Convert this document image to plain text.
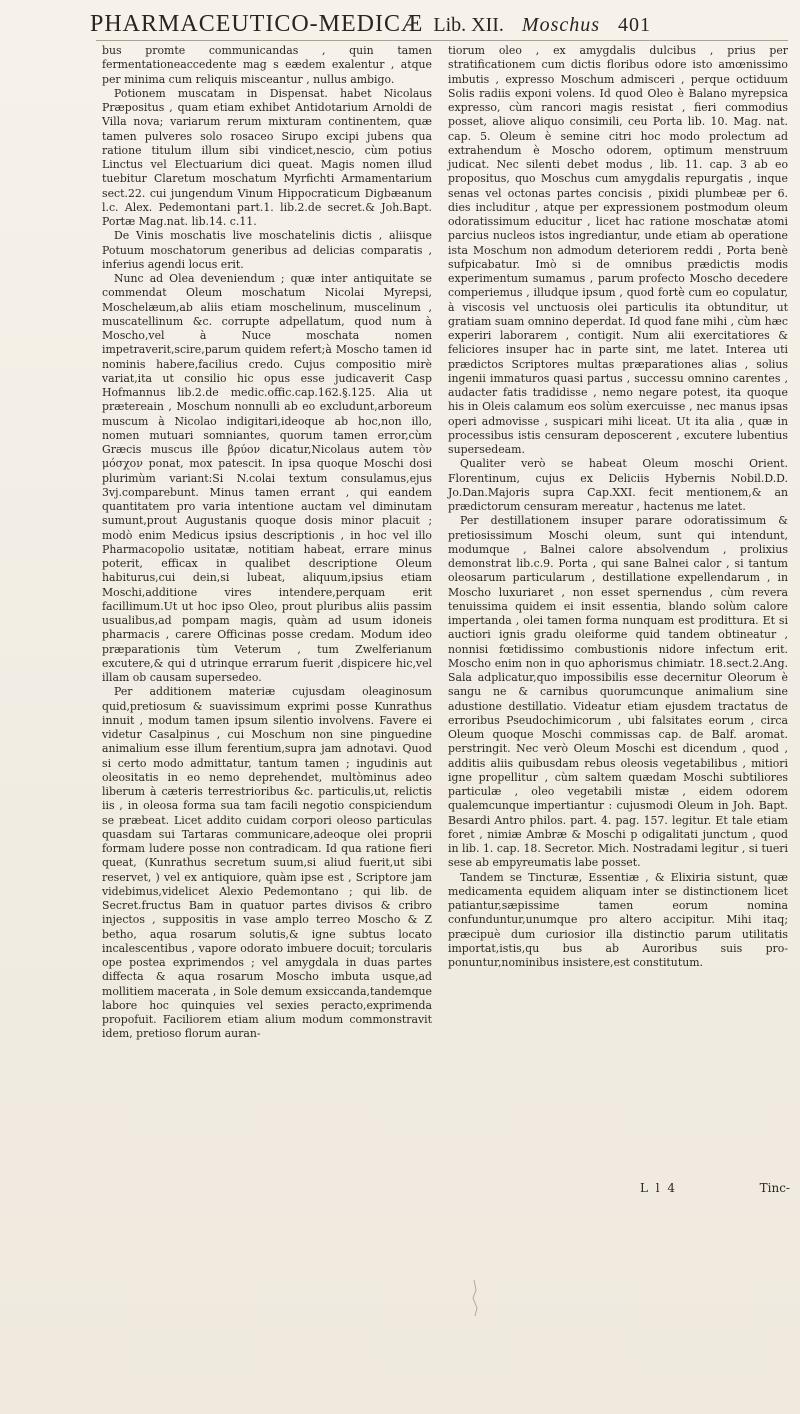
PHARMACEUTICO-MEDICÆ Lib. XII. Moschus 401

bus promte communicandas , quin tamen fermentationeaccedente mag s eædem exalentur , atque per minima cum reliquis misceantur , nullus ambigo.

Potionem muscatam in Dispensat. habet Nicolaus Præpositus , quam etiam exhibet Antidotarium Arnoldi de Villa nova; variarum rerum mixturam continentem, quæ tamen pulveres solo rosaceo Sirupo excipi jubens qua ratione titulum illum sibi vindicet,nescio, cùm potius Linctus vel Electuarium dici queat. Magis nomen illud tuebitur Claretum moschatum Myrfichti Armamentarium sect.22. cui jungendum Vinum Hippocraticum Digbæanum l.c. Alex. Pedemontani part.1. lib.2.de secret.& Joh.Bapt. Portæ Mag.nat. lib.14. c.11.

De Vinis moschatis live moschatelinis dictis , aliisque Potuum moschatorum generibus ad delicias comparatis , inferius agendi locus erit.

Nunc ad Olea deveniendum ; quæ inter antiquitate se commendat Oleum moschatum Nicolai Myrepsi, Moschelæum,ab aliis etiam moschelinum, muscelinum , muscatellinum &c. corrupte adpellatum, quod num à Moscho,vel à Nuce moschata nomen impetraverit,scire,parum quidem refert;à Moscho tamen id nominis habere,facilius credo. Cujus compositio mirè variat,ita ut consilio hic opus esse judicaverit Casp Hofmannus lib.2.de medic.offic.cap.162.§.125. Alia ut prætereain , Moschum nonnulli ab eo excludunt,arboreum muscum à Nicolao indigitari,ideoque ab hoc,non illo, nomen mutuari somniantes, quorum tamen error,cùm Græcis muscus ille βρύον dicatur,Nicolaus autem τὸν μόσχον ponat, mox patescit. In ipsa quoque Moschi dosi plurimùm variant:Si N.colai textum consulamus,ejus 3vj.comparebunt. Minus tamen errant , qui eandem quantitatem pro varia intentione auctam vel diminutam sumunt,prout Augustanis quoque dosis minor placuit ; modò enim Medicus ipsius descriptionis , in hoc vel illo Pharmacopolio usitatæ, notitiam habeat, errare minus poterit, efficax in qualibet descriptione Oleum habiturus,cui dein,si lubeat, aliquum,ipsius etiam Moschi,additione vires intendere,perquam erit facillimum.Ut ut hoc ipso Oleo, prout pluribus aliis passim usualibus,ad pompam magis, quàm ad usum idoneis pharmacis , carere Officinas posse credam. Modum ideo præparationis tùm Veterum , tum Zwelferianum excutere,& qui d utrinque errarum fuerit ,dispicere hic,vel illam ob causam supersedeo.

Per additionem materiæ cujusdam oleaginosum quid,pretiosum & suavissimum exprimi posse Kunrathus innuit , modum tamen ipsum silentio involvens. Favere ei videtur Casalpinus , cui Moschum non sine pinguedine animalium esse illum ferentium,supra jam adnotavi. Quod si certo modo admittatur, tantum tamen ; ingudinis aut oleositatis in eo nemo deprehendet, multòminus adeo liberum à cæteris terrestrioribus &c. particulis,ut, relictis iis , in oleosa forma sua tam facili negotio conspiciendum se præbeat. Licet addito cuidam corpori oleoso particulas quasdam sui Tartaras communicare,adeoque olei proprii formam ludere posse non contradicam. Id qua ratione fieri queat, (Kunrathus secretum suum,si aliud fuerit,ut sibi reservet, ) vel ex antiquiore, quàm ipse est , Scriptore jam videbimus,videlicet Alexio Pedemontano ; qui lib. de Secret.fructus Bam in quatuor partes divisos & cribro injectos , suppositis in vase amplo terreo Moscho & Z betho, aqua rosarum solutis,& igne subtus locato incalescentibus , vapore odorato imbuere docuit; torcularis ope postea exprimendos ; vel amygdala in duas partes diffecta & aqua rosarum Moscho imbuta usque,ad mollitiem macerata , in Sole demum exsiccanda,tandemque labore hoc quinquies vel sexies peracto,exprimenda propofuit. Faciliorem etiam alium modum commonstravit idem, pretioso florum auran-

tiorum oleo , ex amygdalis dulcibus , prius per stratificationem cum dictis floribus odore isto amœnissimo imbutis , expresso Moschum admisceri , perque octiduum Solis radiis exponi volens. Id quod Oleo è Balano myrepsica expresso, cùm rancori magis resistat , fieri commodius posset, aliove aliquo consimili, ceu Porta lib. 10. Mag. nat. cap. 5. Oleum è semine citri hoc modo prolectum ad extrahendum è Moscho odorem, optimum menstruum judicat. Nec silenti debet modus , lib. 11. cap. 3 ab eo propositus, quo Moschus cum amygdalis repurgatis , inque senas vel octonas partes concisis , pixidi plumbeæ per 6. dies includitur , atque per expressionem postmodum oleum odoratissimum educitur , licet hac ratione moschatæ atomi parcius nucleos istos ingrediantur, unde etiam ab operatione ista Moschum non admodum deteriorem reddi , Porta benè sufpicabatur. Imò si de omnibus prædictis modis experimentum sumamus , parum profecto Moscho decedere comperiemus , illudque ipsum , quod fortè cum eo copulatur, à viscosis vel unctuosis olei particulis ita obtunditur, ut gratiam suam omnino deperdat. Id quod fane mihi , cùm hæc experiri laborarem , contigit. Num alii exercitatiores & feliciores insuper hac in parte sint, me latet. Interea uti prædictos Scriptores multas præparationes alias , solius ingenii immaturos quasi partus , successu omnino carentes , audacter fatis tradidisse , nemo negare potest, ita quoque his in Oleis calamum eos solùm exercuisse , nec manus ipsas operi admovisse , suspicari mihi liceat. Ut ita alia , quæ in processibus istis censuram deposcerent , excutere lubentius supersedeam.

Qualiter verò se habeat Oleum moschi Orient. Florentinum, cujus ex Deliciis Hybernis Nobil.D.D. Jo.Dan.Majoris supra Cap.XXI. fecit mentionem,& an prædictorum censuram mereatur , hactenus me latet.

Per destillationem insuper parare odoratissimum & pretiosissimum Moschi oleum, sunt qui intendunt, modumque , Balnei calore absolvendum , prolixius demonstrat lib.c.9. Porta , qui sane Balnei calor , si tantum oleosarum particularum , destillatione expellendarum , in Moscho luxuriaret , non esset spernendus , cùm revera tenuissima quidem ei insit essentia, blando solùm calore impertanda , olei tamen forma nunquam est prodittura. Et si auctiori ignis gradu oleiforme quid tandem obtineatur , nonnisi fœtidissimo combustionis nidore infectum erit. Moscho enim non in quo aphorismus chimiatr. 18.sect.2.Ang. Sala adplicatur,quo impossibilis esse decernitur Oleorum è sangu ne & carnibus quorumcunque animalium sine adustione destillatio. Videatur etiam ejusdem tractatus de erroribus Pseudochimicorum , ubi falsitates eorum , circa Oleum quoque Moschi commissas cap. de Balf. aromat. perstringit. Nec verò Oleum Moschi est dicendum , quod , additis aliis quibusdam rebus oleosis vegetabilibus , mitiori igne propellitur , cùm saltem quædam Moschi subtiliores particulæ , oleo vegetabili mistæ , eidem odorem qualemcunque impertiantur : cujusmodi Oleum in Joh. Bapt. Besardi Antro philos. part. 4. pag. 157. legitur. Et tale etiam foret , nimiæ Ambræ & Moschi p odigalitati junctum , quod in lib. 1. cap. 18. Secretor. Mich. Nostradami legitur , si tueri sese ab empyreumatis labe posset.

Tandem se Tincturæ, Essentiæ , & Elixiria sistunt, quæ medicamenta equidem aliquam inter se distinctionem licet patiantur,sæpissime tamen eorum nomina confunduntur,unumque pro altero accipitur. Mihi itaq; præcipuè dum curiosior illa distinctio parum utilitatis importat,istis,qu bus ab Auroribus suis pro-ponuntur,nominibus insistere,est constitutum.

L l 4	Tinc-
